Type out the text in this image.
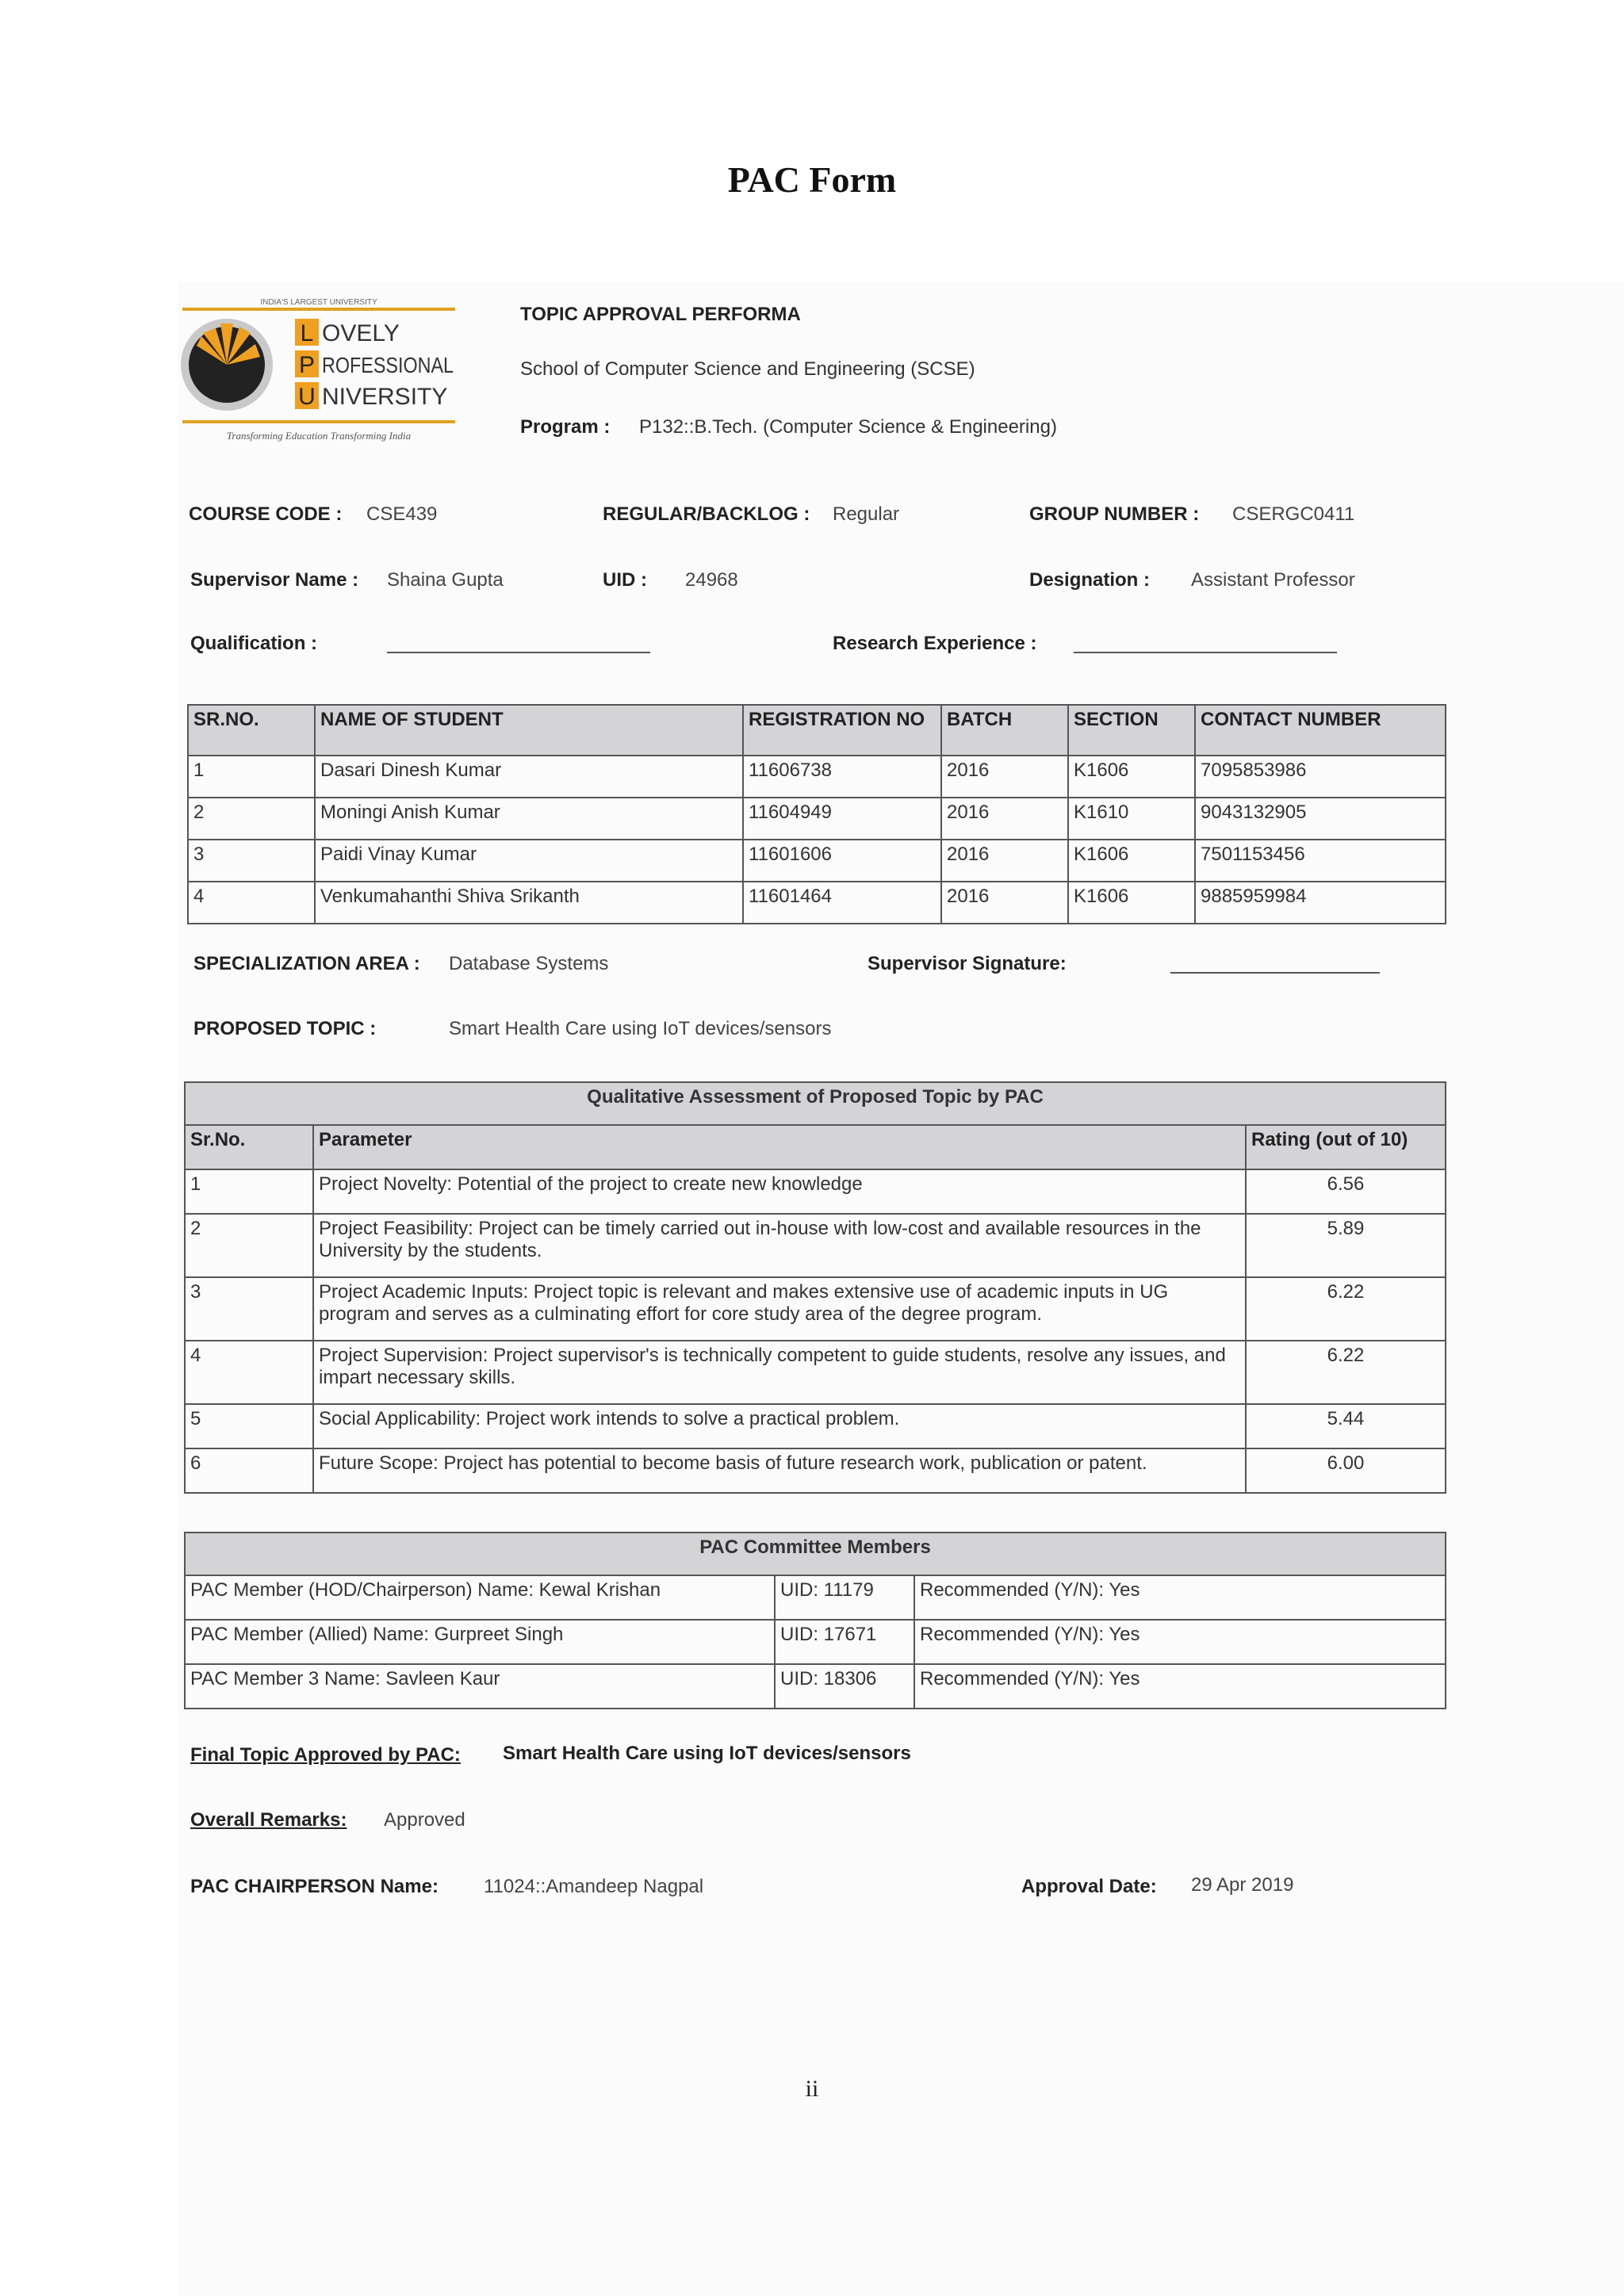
PAC Form
INDIA'S LARGEST UNIVERSITY
L
P
U
OVELY
ROFESSIONAL
NIVERSITY
Transforming Education Transforming India
TOPIC APPROVAL PERFORMA
School of Computer Science and Engineering (SCSE)
Program : P132::B.Tech. (Computer Science & Engineering)
COURSE CODE : CSE439	REGULAR/BACKLOG : Regular	GROUP NUMBER : CSERGC0411
Supervisor Name : Shaina Gupta	UID : 24968	Designation : Assistant Professor
Qualification :	Research Experience :
SR.NO.	NAME OF STUDENT	REGISTRATION NO	BATCH	SECTION	CONTACT NUMBER
1	Dasari Dinesh Kumar	11606738	2016	K1606	7095853986
2	Moningi Anish Kumar	11604949	2016	K1610	9043132905
3	Paidi Vinay Kumar	11601606	2016	K1606	7501153456
4	Venkumahanthi Shiva Srikanth	11601464	2016	K1606	9885959984
SPECIALIZATION AREA : Database Systems	Supervisor Signature:
PROPOSED TOPIC :	Smart Health Care using IoT devices/sensors
Qualitative Assessment of Proposed Topic by PAC		
Sr.No.	Parameter	Rating (out of 10)
1	Project Novelty: Potential of the project to create new knowledge	6.56
2	Project Feasibility: Project can be timely carried out in-house with low-cost and available resources in the University by the students.	5.89
3	Project Academic Inputs: Project topic is relevant and makes extensive use of academic inputs in UG program and serves as a culminating effort for core study area of the degree program.	6.22
4	Project Supervision: Project supervisor's is technically competent to guide students, resolve any issues, and impart necessary skills.	6.22
5	Social Applicability: Project work intends to solve a practical problem.	5.44
6	Future Scope: Project has potential to become basis of future research work, publication or patent.	6.00
PAC Committee Members		
PAC Member (HOD/Chairperson) Name: Kewal Krishan	UID: 11179	Recommended (Y/N): Yes
PAC Member (Allied) Name: Gurpreet Singh	UID: 17671	Recommended (Y/N): Yes
PAC Member 3 Name: Savleen Kaur	UID: 18306	Recommended (Y/N): Yes
Final Topic Approved by PAC: Smart Health Care using IoT devices/sensors
Overall Remarks: Approved
PAC CHAIRPERSON Name: 11024::Amandeep Nagpal	Approval Date: 29 Apr 2019
ii
